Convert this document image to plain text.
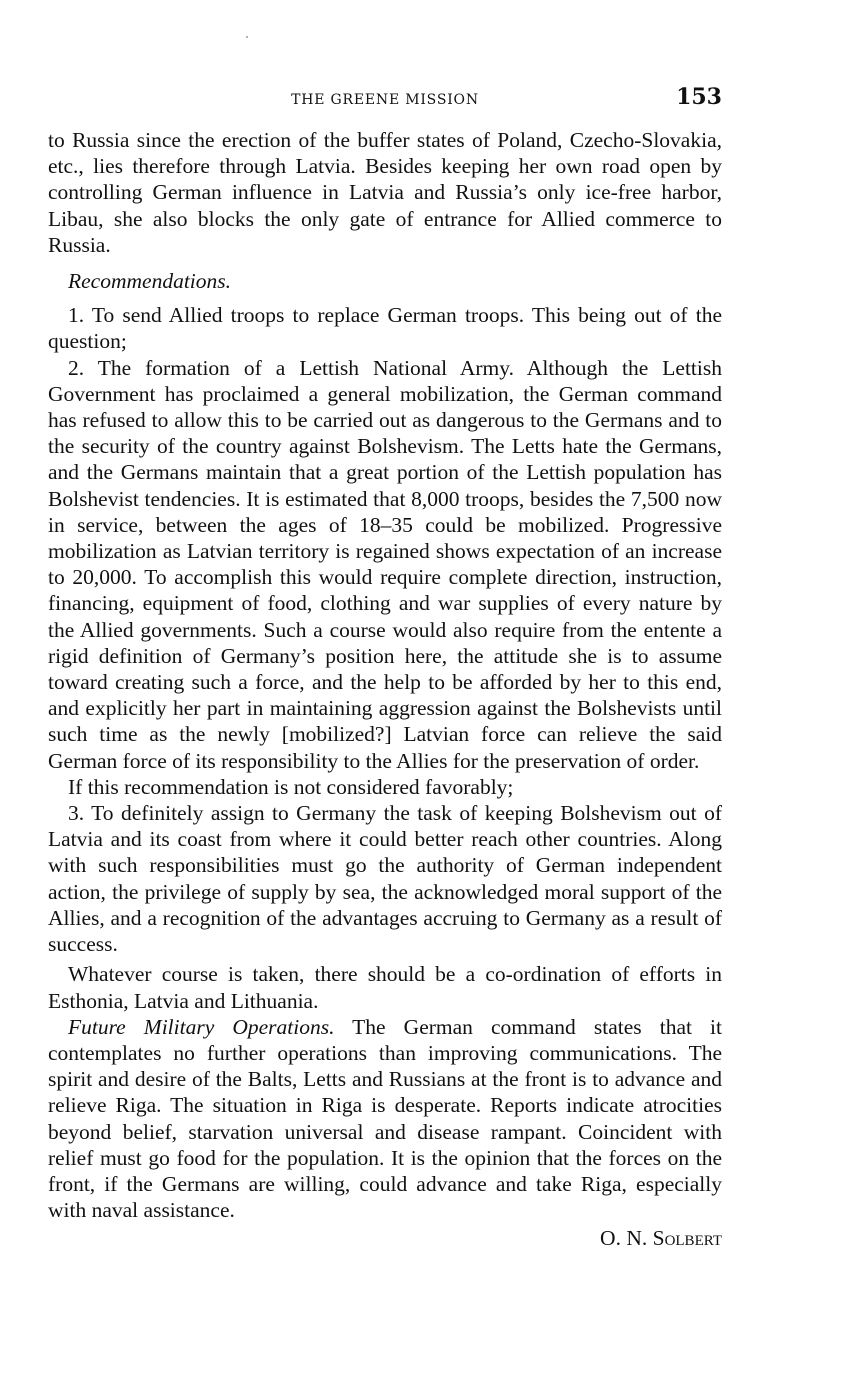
THE GREENE MISSION	153

to Russia since the erection of the buffer states of Poland, Czecho-Slovakia, etc., lies therefore through Latvia. Besides keeping her own road open by controlling German influence in Latvia and Russia’s only ice-free harbor, Libau, she also blocks the only gate of entrance for Allied commerce to Russia.

Recommendations.

1. To send Allied troops to replace German troops. This being out of the question;

2. The formation of a Lettish National Army. Although the Lettish Government has proclaimed a general mobilization, the German command has refused to allow this to be carried out as dangerous to the Germans and to the security of the country against Bolshevism. The Letts hate the Germans, and the Germans maintain that a great portion of the Lettish population has Bolshevist tendencies. It is estimated that 8,000 troops, besides the 7,500 now in service, between the ages of 18–35 could be mobilized. Progressive mobilization as Latvian territory is regained shows expectation of an increase to 20,000. To accomplish this would require complete direction, instruction, financing, equipment of food, clothing and war supplies of every nature by the Allied governments. Such a course would also require from the entente a rigid definition of Germany’s position here, the attitude she is to assume toward creating such a force, and the help to be afforded by her to this end, and explicitly her part in maintaining aggression against the Bolshevists until such time as the newly [mobilized?] Latvian force can relieve the said German force of its responsibility to the Allies for the preservation of order.

If this recommendation is not considered favorably;

3. To definitely assign to Germany the task of keeping Bolshevism out of Latvia and its coast from where it could better reach other countries. Along with such responsibilities must go the authority of German independent action, the privilege of supply by sea, the acknowledged moral support of the Allies, and a recognition of the advantages accruing to Germany as a result of success.

Whatever course is taken, there should be a co-ordination of efforts in Esthonia, Latvia and Lithuania.

Future Military Operations. The German command states that it contemplates no further operations than improving communications. The spirit and desire of the Balts, Letts and Russians at the front is to advance and relieve Riga. The situation in Riga is desperate. Reports indicate atrocities beyond belief, starvation universal and disease rampant. Coincident with relief must go food for the population. It is the opinion that the forces on the front, if the Germans are willing, could advance and take Riga, especially with naval assistance.

O. N. Solbert
